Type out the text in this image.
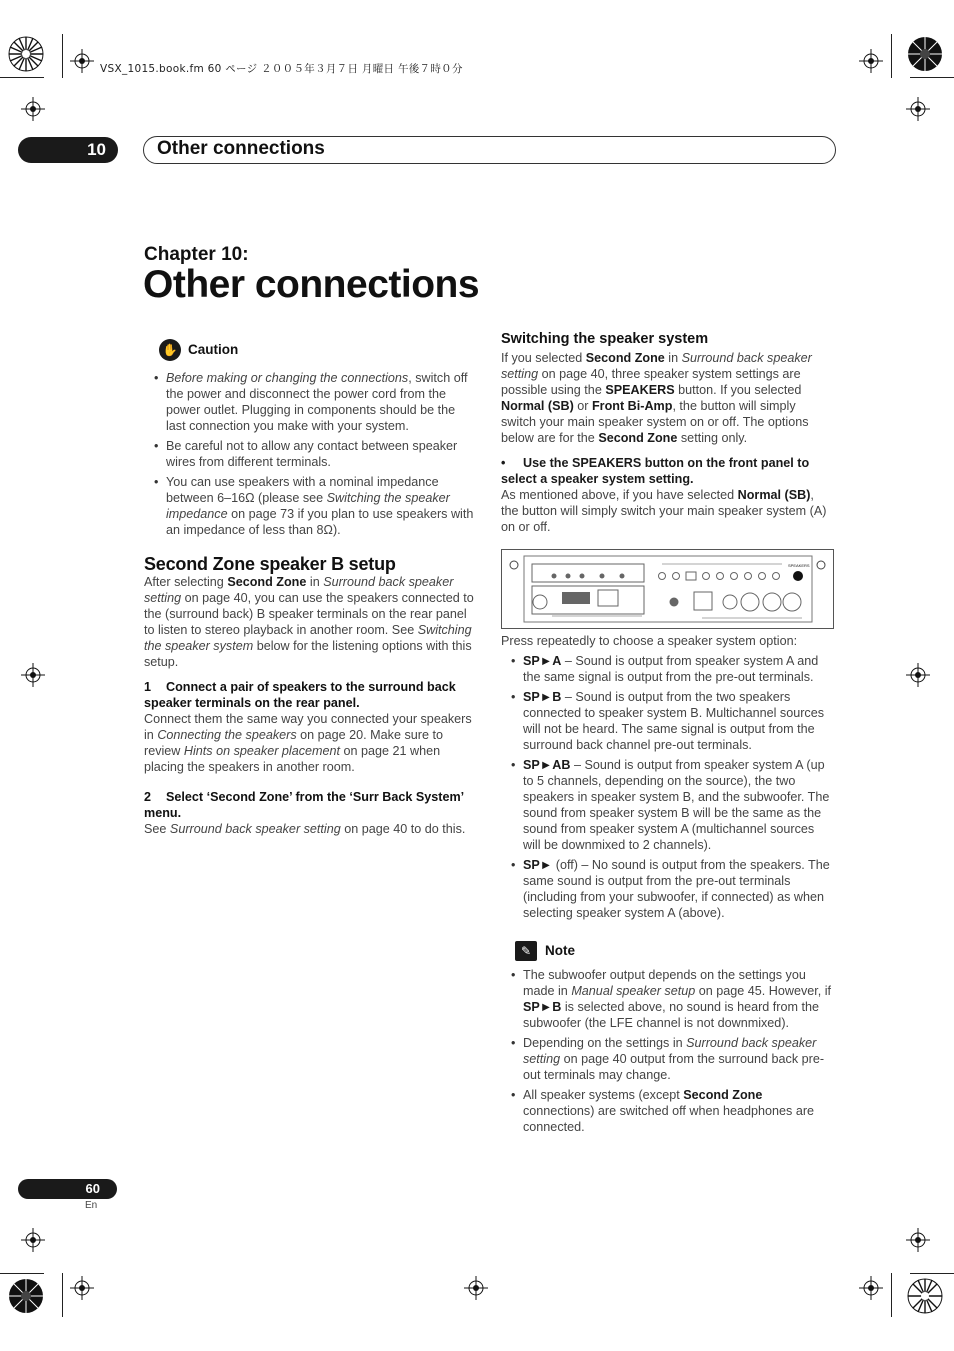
VSX_1015.book.fm 60 ページ ２００５年３月７日 月曜日 午後７時０分
10	Other connections
Chapter 10:
Other connections
✋ Caution
• Before making or changing the connections, switch off the power and disconnect the power cord from the power outlet. Plugging in components should be the last connection you make with your system.
• Be careful not to allow any contact between speaker wires from different terminals.
• You can use speakers with a nominal impedance between 6–16Ω (please see Switching the speaker impedance on page 73 if you plan to use speakers with an impedance of less than 8Ω).
Second Zone speaker B setup

After selecting Second Zone in Surround back speaker setting on page 40, you can use the speakers connected to the (surround back) B speaker terminals on the rear panel to listen to stereo playback in another room. See Switching the speaker system below for the listening options with this setup.

1 Connect a pair of speakers to the surround back speaker terminals on the rear panel.

Connect them the same way you connected your speakers in Connecting the speakers on page 20. Make sure to review Hints on speaker placement on page 21 when placing the speakers in another room.

2 Select ‘Second Zone’ from the ‘Surr Back System’ menu.

See Surround back speaker setting on page 40 to do this.

Switching the speaker system

If you selected Second Zone in Surround back speaker setting on page 40, three speaker system settings are possible using the SPEAKERS button. If you selected Normal (SB) or Front Bi-Amp, the button will simply switch your main speaker system on or off. The options below are for the Second Zone setting only.

• Use the SPEAKERS button on the front panel to select a speaker system setting.

As mentioned above, if you have selected Normal (SB), the button will simply switch your main speaker system (A) on or off.

SPEAKERS

Press repeatedly to choose a speaker system option:

• SP►A – Sound is output from speaker system A and the same signal is output from the pre-out terminals.
• SP►B – Sound is output from the two speakers connected to speaker system B. Multichannel sources will not be heard. The same signal is output from the surround back channel pre-out terminals.
• SP►AB – Sound is output from speaker system A (up to 5 channels, depending on the source), the two speakers in speaker system B, and the subwoofer. The sound from speaker system B will be the same as the sound from speaker system A (multichannel sources will be downmixed to 2 channels).
• SP► (off) – No sound is output from the speakers. The same sound is output from the pre-out terminals (including from your subwoofer, if connected) as when selecting speaker system A (above).
✎	Note
• The subwoofer output depends on the settings you made in Manual speaker setup on page 45. However, if SP►B is selected above, no sound is heard from the subwoofer (the LFE channel is not downmixed).
• Depending on the settings in Surround back speaker setting on page 40 output from the surround back pre-out terminals may change.
• All speaker systems (except Second Zone connections) are switched off when headphones are connected.
60
En
